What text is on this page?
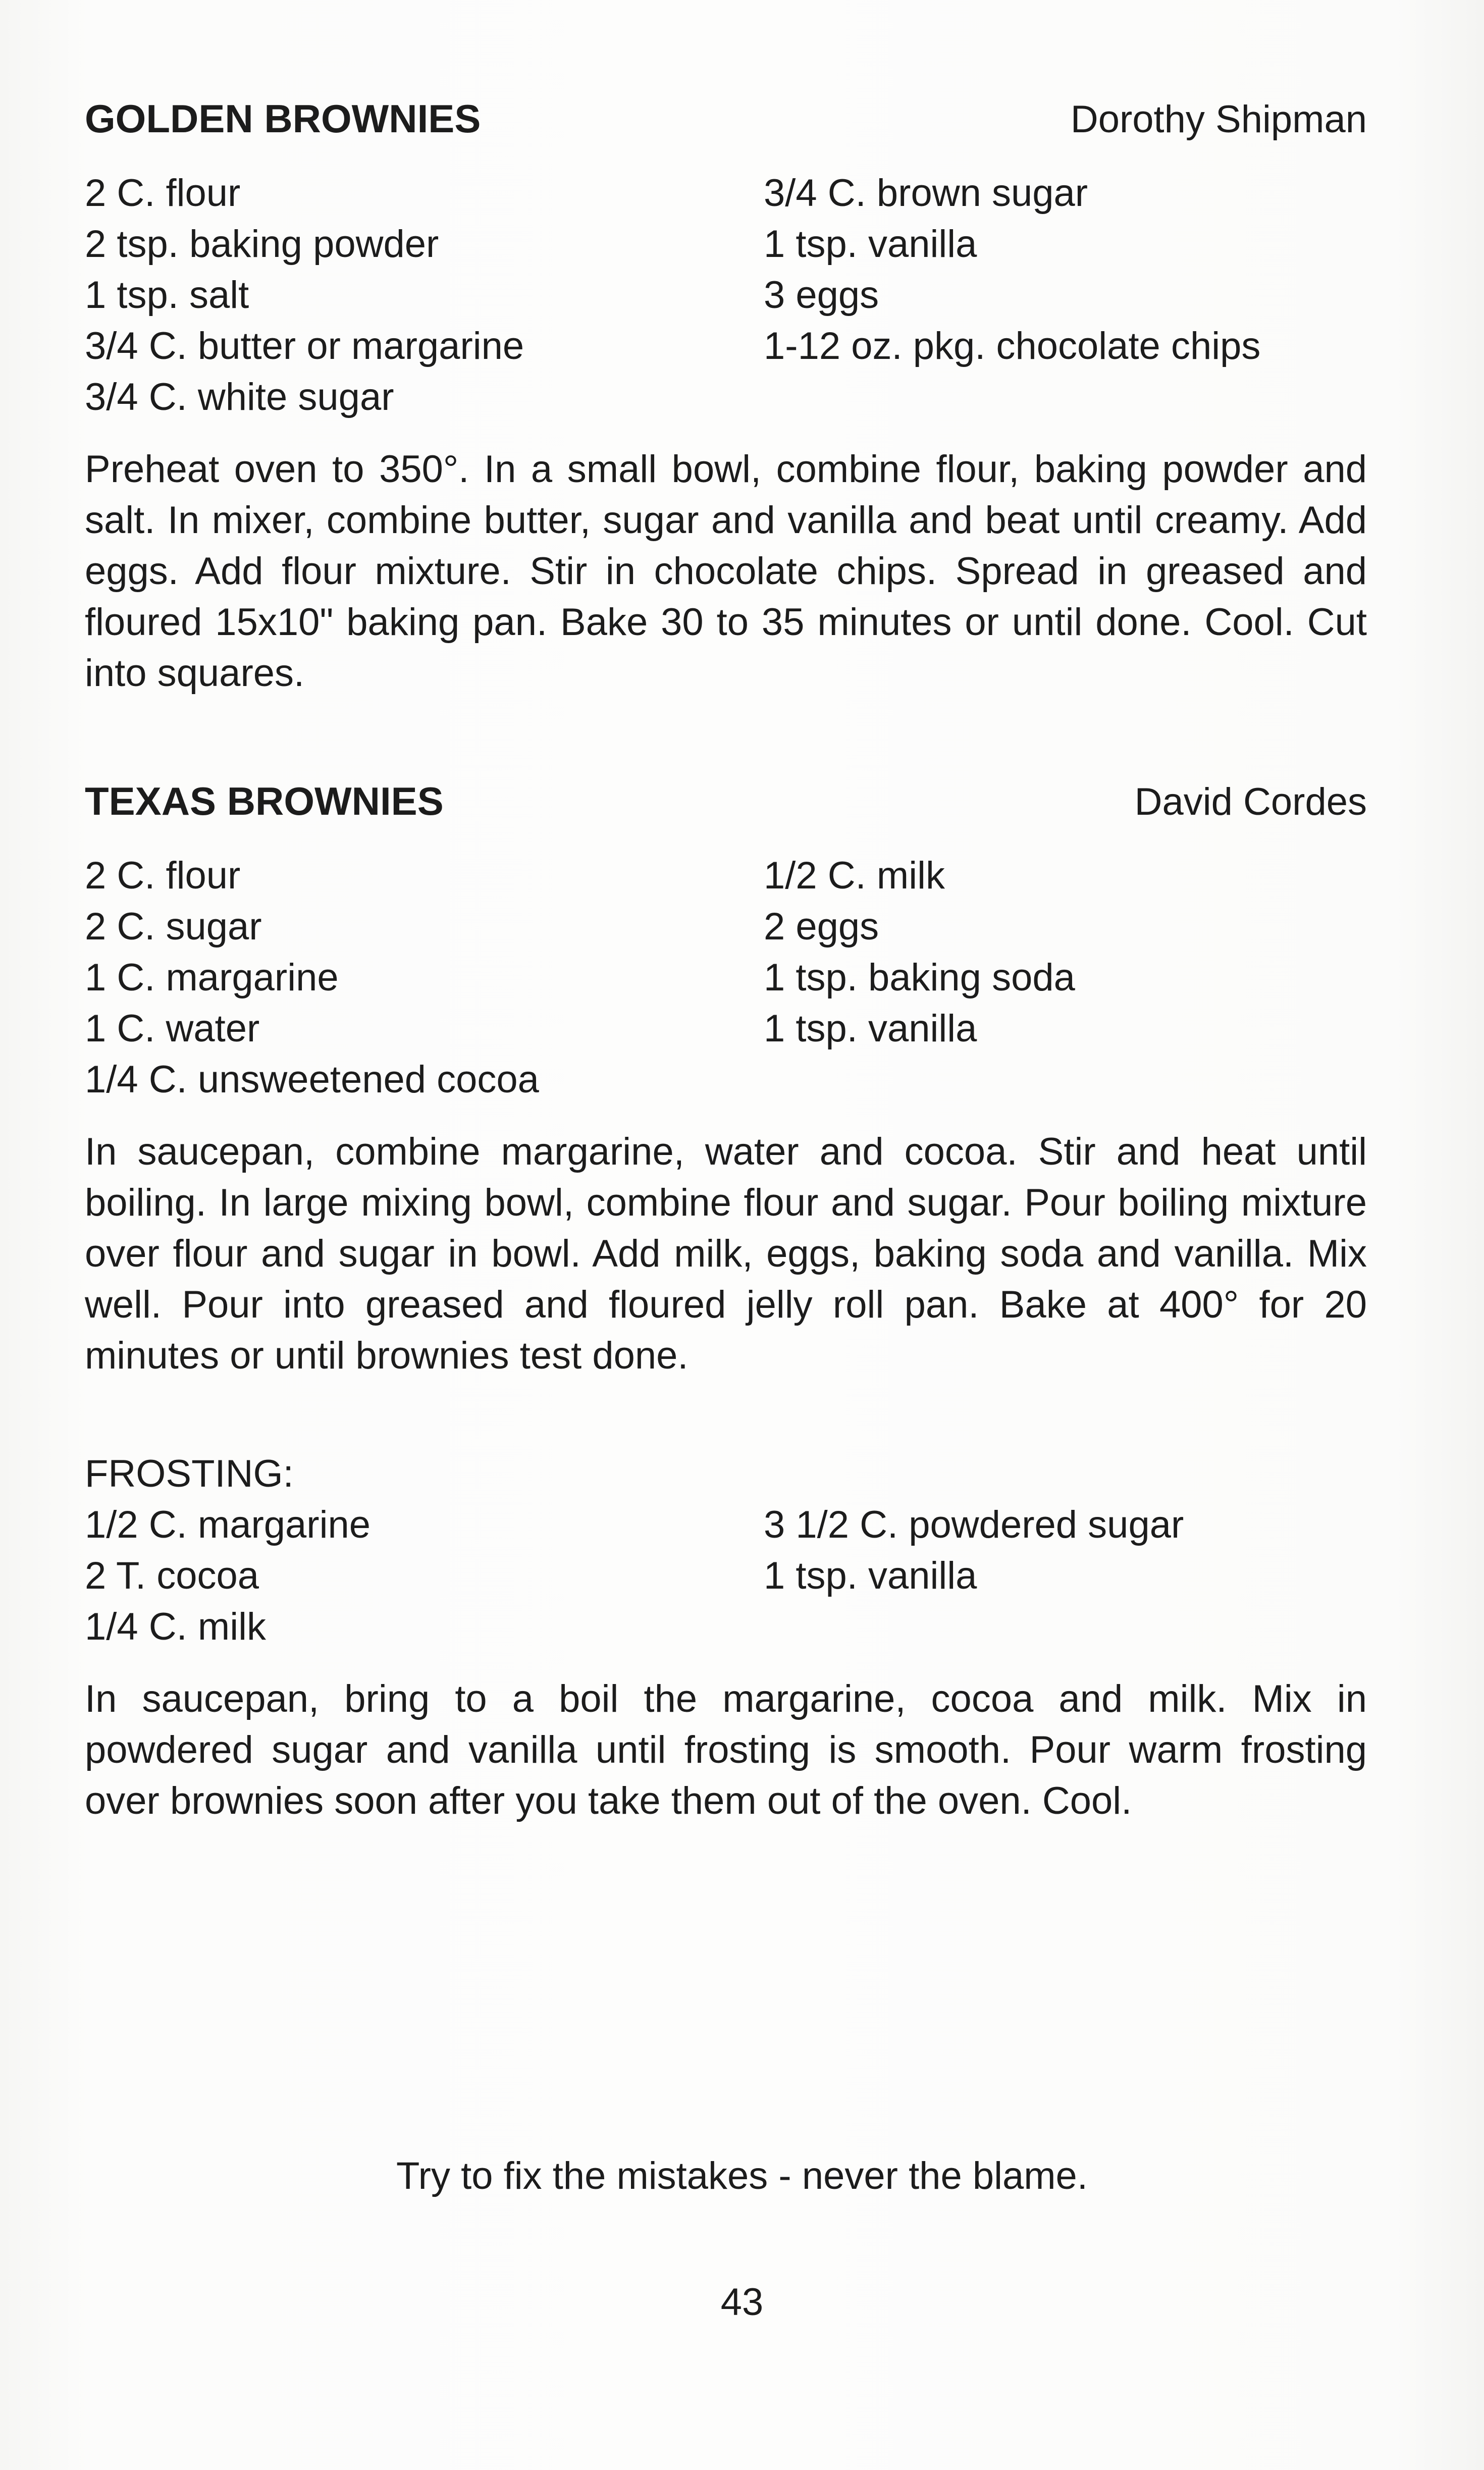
GOLDEN BROWNIES	Dorothy Shipman
2 C. flour
2 tsp. baking powder
1 tsp. salt
3/4 C. butter or margarine
3/4 C. white sugar
3/4 C. brown sugar
1 tsp. vanilla
3 eggs
1-12 oz. pkg. chocolate chips

Preheat oven to 350°. In a small bowl, combine flour, baking powder and salt. In mixer, combine butter, sugar and vanilla and beat until creamy. Add eggs. Add flour mixture. Stir in chocolate chips. Spread in greased and floured 15x10" baking pan. Bake 30 to 35 minutes or until done. Cool. Cut into squares.

TEXAS BROWNIES	David Cordes
2 C. flour
2 C. sugar
1 C. margarine
1 C. water
1/4 C. unsweetened cocoa
1/2 C. milk
2 eggs
1 tsp. baking soda
1 tsp. vanilla

In saucepan, combine margarine, water and cocoa. Stir and heat until boiling. In large mixing bowl, combine flour and sugar. Pour boiling mixture over flour and sugar in bowl. Add milk, eggs, baking soda and vanilla. Mix well. Pour into greased and floured jelly roll pan. Bake at 400° for 20 minutes or until brownies test done.

FROSTING:
1/2 C. margarine
2 T. cocoa
1/4 C. milk
3 1/2 C. powdered sugar
1 tsp. vanilla

In saucepan, bring to a boil the margarine, cocoa and milk. Mix in powdered sugar and vanilla until frosting is smooth. Pour warm frosting over brownies soon after you take them out of the oven. Cool.

Try to fix the mistakes - never the blame.
43
